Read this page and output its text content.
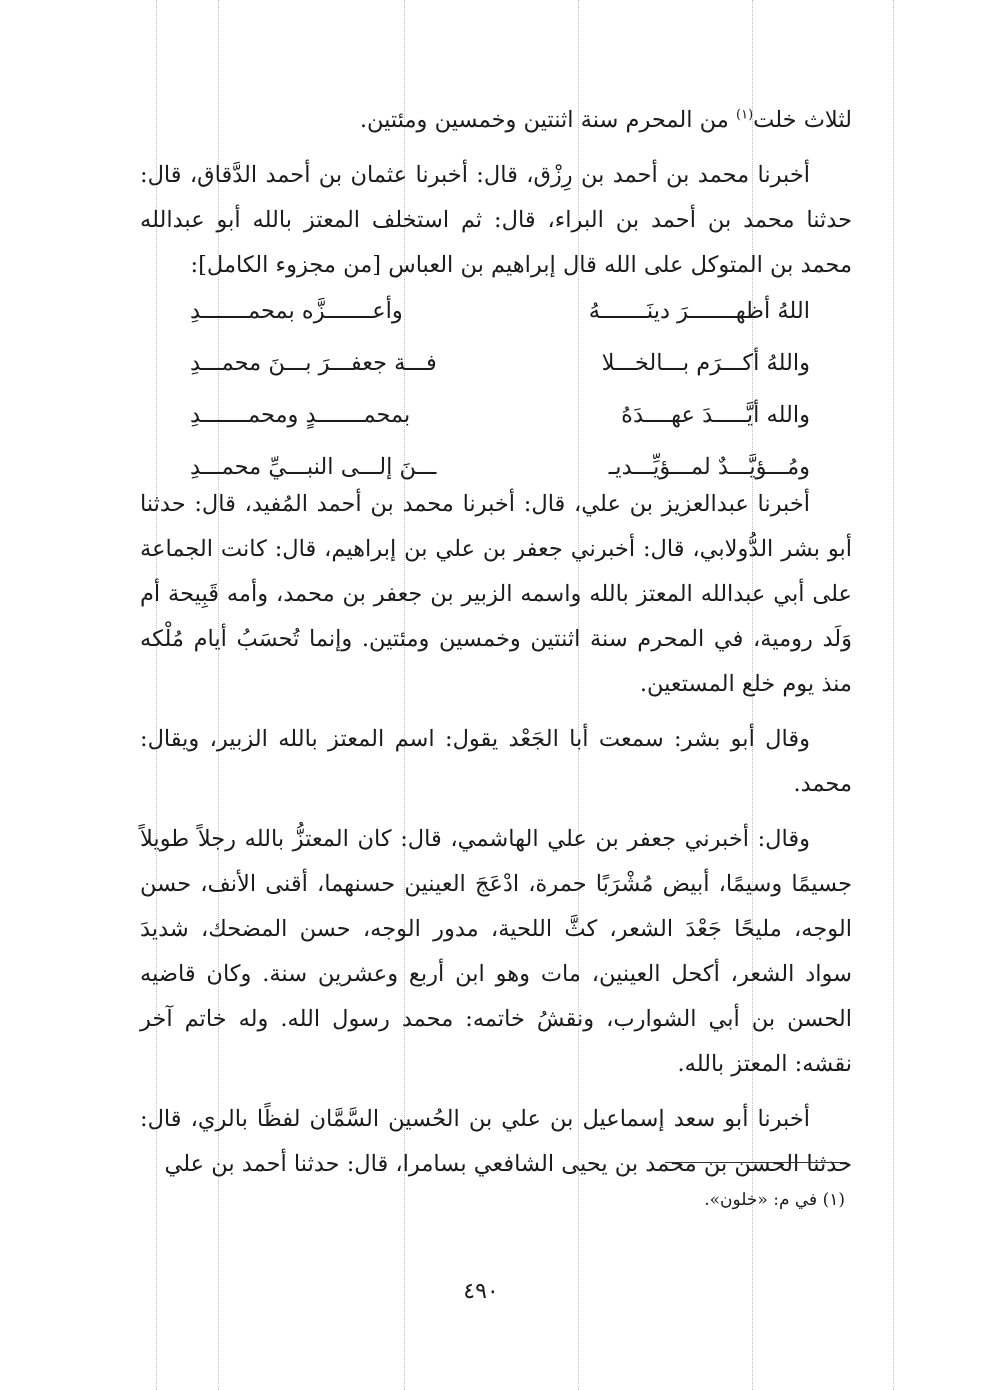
لثلاث خلت$^{(١)}$ من المحرم سنة اثنتين وخمسين ومئتين.

أخبرنا محمد بن أحمد بن رِزْق، قال: أخبرنا عثمان بن أحمد الدَّقاق، قال: حدثنا محمد بن أحمد بن البراء، قال: ثم استخلف المعتز بالله أبو عبدالله محمد بن المتوكل على الله قال إبراهيم بن العباس [من مجزوء الكامل]:

اللهُ أظهـــــــرَ دينَـــــــهُ
وأعـــــــزَّه بمحمـــــــدِ
واللهُ أكـــرَم بـــالخـــلا
فـــة جعفـــرَ بـــنَ محمـــدِ
والله أيَّـــــدَ عهــــدَهُ
بمحمـــــــدٍ ومحمـــــــدِ
ومُـــؤيَّـــدٌ لمـــؤيِّـــديـ
ـــنَ إلـــى النبـــيِّ محمـــدِ

أخبرنا عبدالعزيز بن علي، قال: أخبرنا محمد بن أحمد المُفيد، قال: حدثنا أبو بشر الدُّولابي، قال: أخبرني جعفر بن علي بن إبراهيم، قال: كانت الجماعة على أبي عبدالله المعتز بالله واسمه الزبير بن جعفر بن محمد، وأمه قَبِيحة أم وَلَد رومية، في المحرم سنة اثنتين وخمسين ومئتين. وإنما تُحسَبُ أيام مُلْكه منذ يوم خلع المستعين.

وقال أبو بشر: سمعت أبا الجَعْد يقول: اسم المعتز بالله الزبير، ويقال: محمد.

وقال: أخبرني جعفر بن علي الهاشمي، قال: كان المعتزُّ بالله رجلاً طويلاً جسيمًا وسيمًا، أبيض مُشْرَبًا حمرة، ادْعَجَ العينين حسنهما، أقنى الأنف، حسن الوجه، مليحًا جَعْدَ الشعر، كثَّ اللحية، مدور الوجه، حسن المضحك، شديدَ سواد الشعر، أكحل العينين، مات وهو ابن أربع وعشرين سنة. وكان قاضيه الحسن بن أبي الشوارب، ونقشُ خاتمه: محمد رسول الله. وله خاتم آخر نقشه: المعتز بالله.

أخبرنا أبو سعد إسماعيل بن علي بن الحُسين السَّمَّان لفظًا بالري، قال: حدثنا الحسن بن محمد بن يحيى الشافعي بسامرا، قال: حدثنا أحمد بن علي

(١) في م: «خلون».
٤٩٠
